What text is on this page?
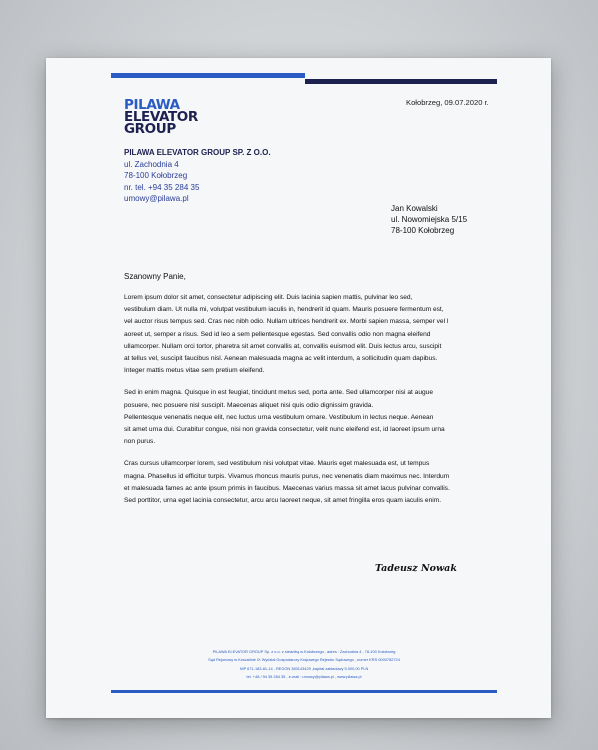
PILAWA
ELEVATOR
GROUP
Kołobrzeg, 09.07.2020 r.
PILAWA ELEVATOR GROUP SP. Z O.O.
ul. Zachodnia 4
78-100 Kołobrzeg
nr. tel. +94 35 284 35
umowy@pilawa.pl
Jan Kowalski
ul. Nowomiejska 5/15
78-100 Kołobrzeg
Szanowny Panie,

Lorem ipsum dolor sit amet, consectetur adipiscing elit. Duis lacinia sapien mattis, pulvinar leo sed,
vestibulum diam. Ut nulla mi, volutpat vestibulum iaculis in, hendrerit id quam. Mauris posuere fermentum est,
vel auctor risus tempus sed. Cras nec nibh odio. Nullam ultrices hendrerit ex. Morbi sapien massa, semper vel l
aoreet ut, semper a risus. Sed id leo a sem pellentesque egestas. Sed convallis odio non magna eleifend
ullamcorper. Nullam orci tortor, pharetra sit amet convallis at, convallis euismod elit. Duis lectus arcu, suscipit
at tellus vel, suscipit faucibus nisl. Aenean malesuada magna ac velit interdum, a sollicitudin quam dapibus.
Integer mattis metus vitae sem pretium eleifend.

Sed in enim magna. Quisque in est feugiat, tincidunt metus sed, porta ante. Sed ullamcorper nisi at augue
posuere, nec posuere nisl suscipit. Maecenas aliquet nisi quis odio dignissim gravida.
Pellentesque venenatis neque elit, nec luctus urna vestibulum ornare. Vestibulum in lectus neque. Aenean
sit amet urna dui. Curabitur congue, nisi non gravida consectetur, velit nunc eleifend est, id laoreet ipsum urna
non purus.

Cras cursus ullamcorper lorem, sed vestibulum nisi volutpat vitae. Mauris eget malesuada est, ut tempus
magna. Phasellus id efficitur turpis. Vivamus rhoncus mauris purus, nec venenatis diam maximus nec. Interdum
et malesuada fames ac ante ipsum primis in faucibus. Maecenas varius massa sit amet lacus pulvinar convallis.
Sed porttitor, urna eget lacinia consectetur, arcu arcu laoreet neque, sit amet fringilla eros quam iaculis enim.

Tadeusz Nowak
PILAWA ELEVATOR GROUP Sp. z o.o. z siedzibą w Kołobrzegu , adres : Zachodnia 4 , 78-100 Kołobrzeg
Sąd Rejonowy w Koszalinie IX Wydział Gospodarczy Krajowego Rejestru Sądowego , numer KRS 0000782724
NIP 671-183-81-14 , REGON 383143429 ,kapitał zakładowy 5.000,00 PLN
tel. +48 / 94 35 284 35 , e-mail : umowy@pilawa.pl , www.pilawa.pl
